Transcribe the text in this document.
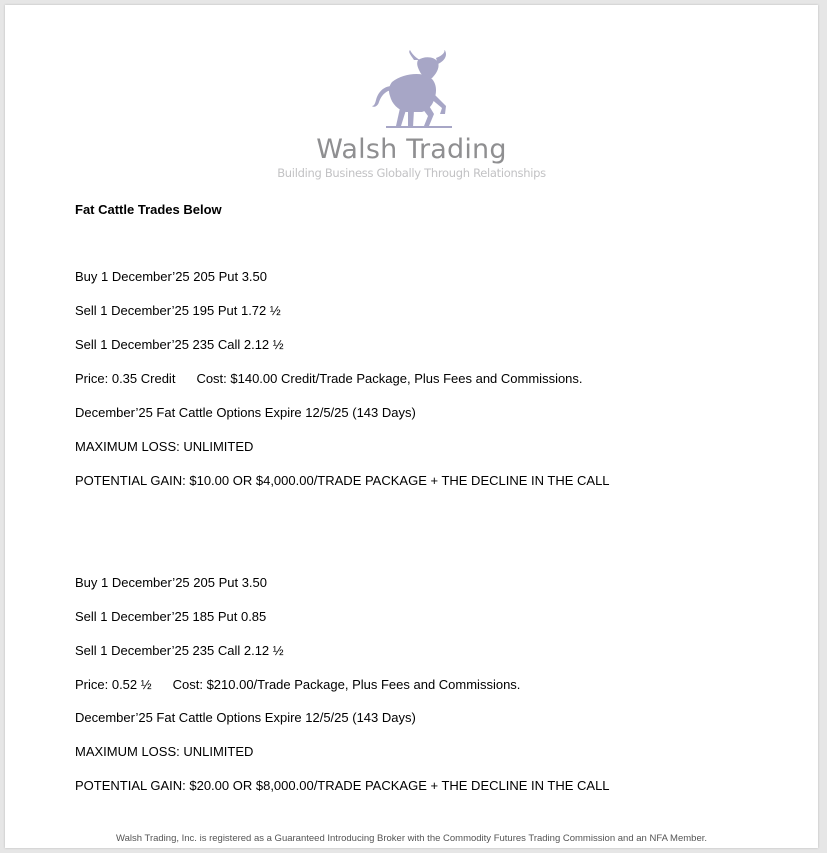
Walsh Trading
Building Business Globally Through Relationships
Fat Cattle Trades Below
Buy 1 December’25 205 Put 3.50
Sell 1 December’25 195 Put 1.72 ½
Sell 1 December’25 235 Call 2.12 ½
Price: 0.35 Credit Cost: $140.00 Credit/Trade Package, Plus Fees and Commissions.
December’25 Fat Cattle Options Expire 12/5/25 (143 Days)
MAXIMUM LOSS: UNLIMITED
POTENTIAL GAIN: $10.00 OR $4,000.00/TRADE PACKAGE + THE DECLINE IN THE CALL
Buy 1 December’25 205 Put 3.50
Sell 1 December’25 185 Put 0.85
Sell 1 December’25 235 Call 2.12 ½
Price: 0.52 ½ Cost: $210.00/Trade Package, Plus Fees and Commissions.
December’25 Fat Cattle Options Expire 12/5/25 (143 Days)
MAXIMUM LOSS: UNLIMITED
POTENTIAL GAIN: $20.00 OR $8,000.00/TRADE PACKAGE + THE DECLINE IN THE CALL
Walsh Trading, Inc. is registered as a Guaranteed Introducing Broker with the Commodity Futures Trading Commission and an NFA Member.
